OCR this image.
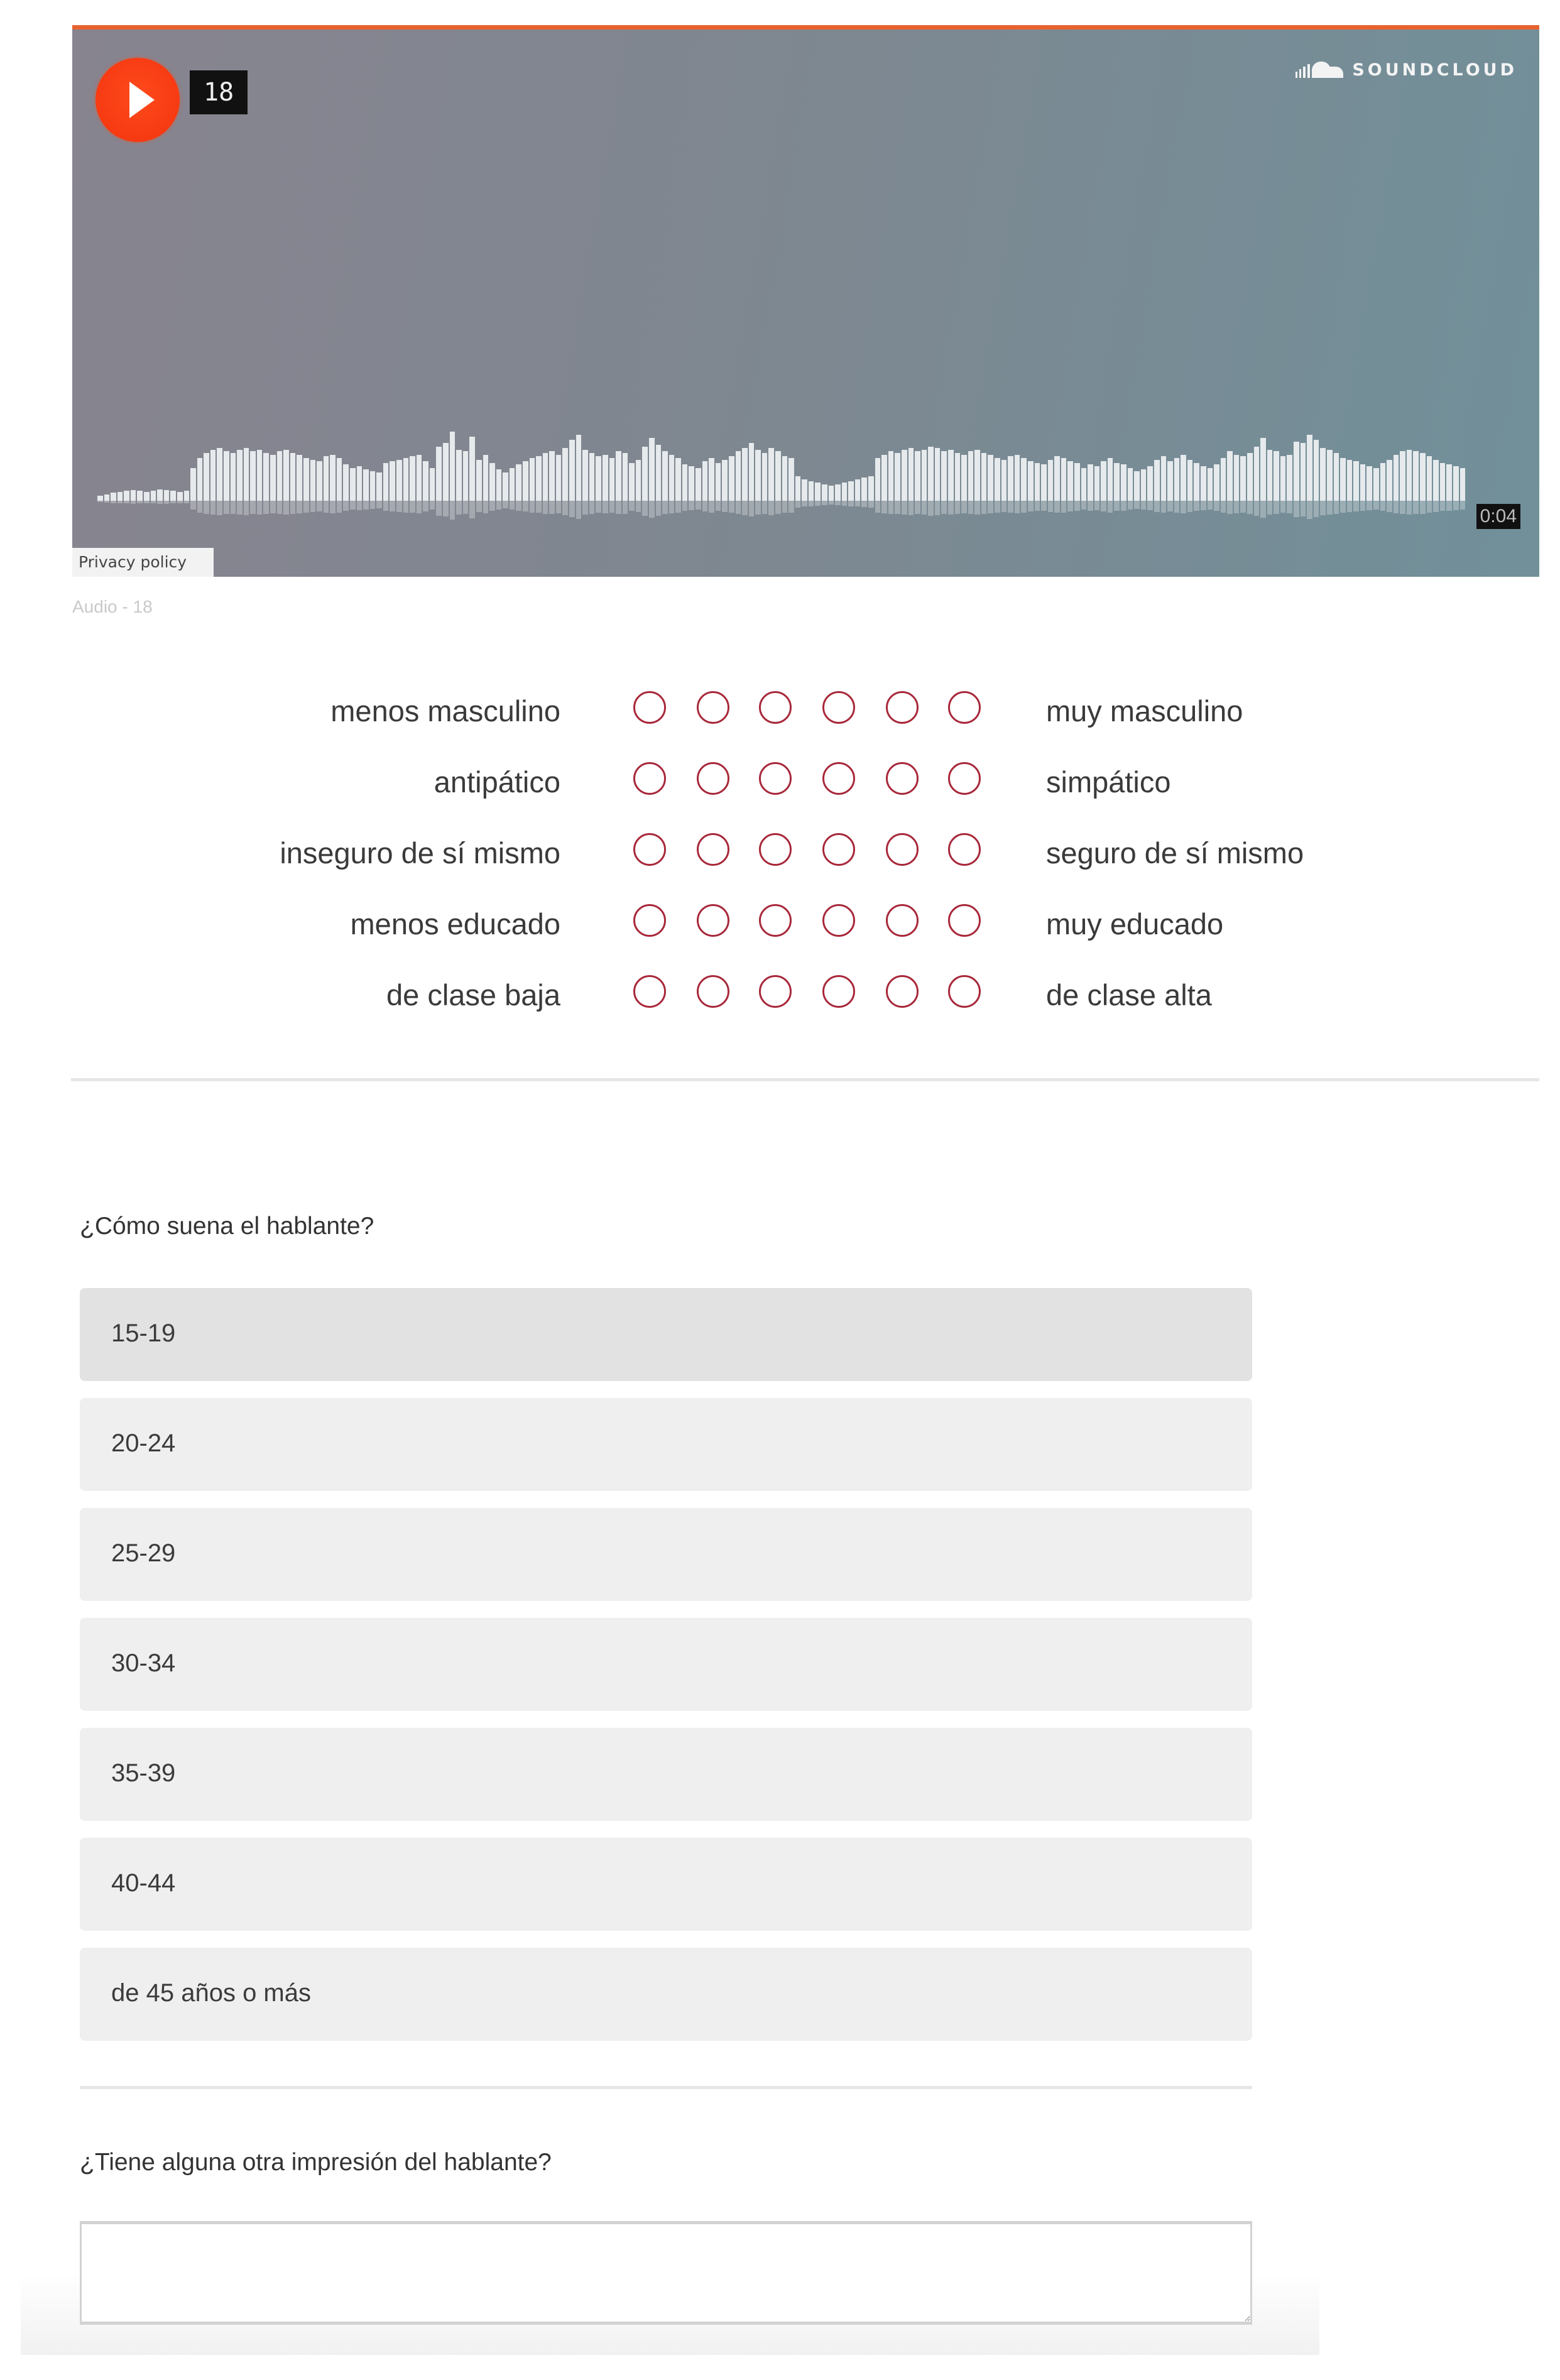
18
SOUNDCLOUD
0:04
Privacy policy
Audio - 18
menos masculino	muy masculino
antipático	simpático
inseguro de sí mismo	seguro de sí mismo
menos educado	muy educado
de clase baja	de clase alta
¿Cómo suena el hablante?
15-19
20-24
25-29
30-34
35-39
40-44
de 45 años o más
¿Tiene alguna otra impresión del hablante?
